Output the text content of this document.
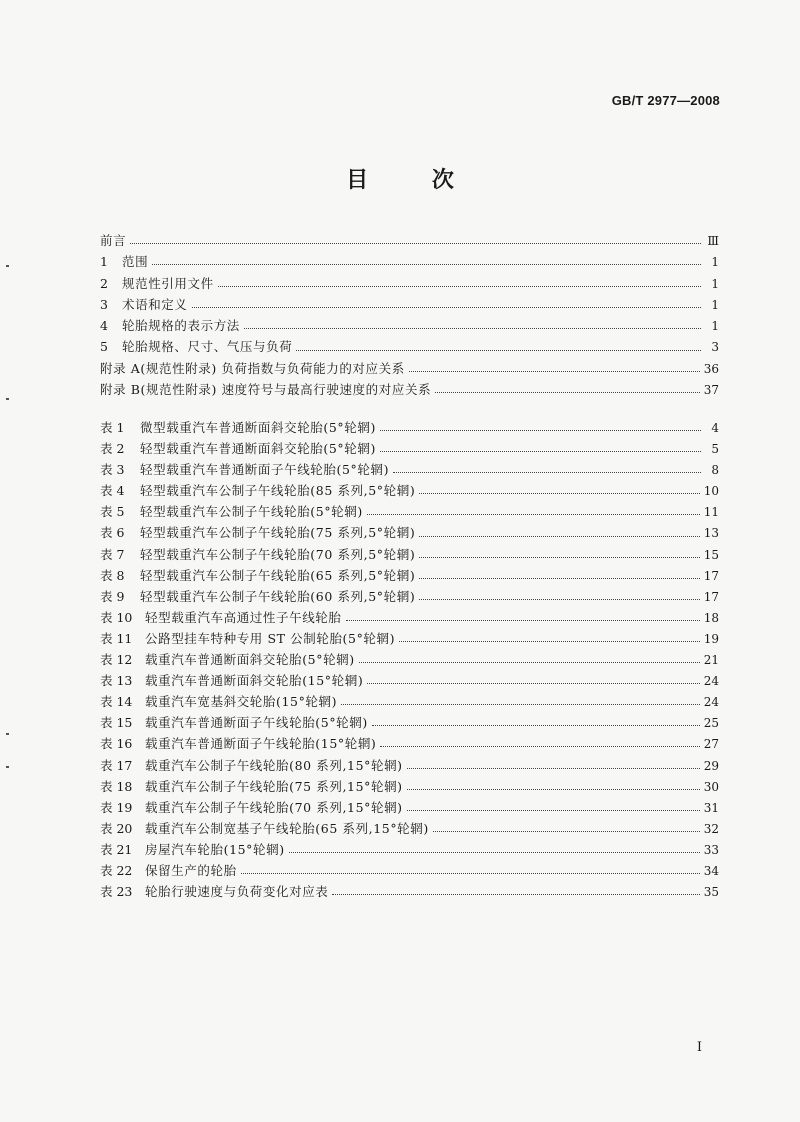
GB/T 2977—2008
目 次
前言	Ⅲ
1	范围	1
2	规范性引用文件	1
3	术语和定义	1
4	轮胎规格的表示方法	1
5	轮胎规格、尺寸、气压与负荷	3
附录 A(规范性附录) 负荷指数与负荷能力的对应关系	36
附录 B(规范性附录) 速度符号与最高行驶速度的对应关系	37
表 1	微型载重汽车普通断面斜交轮胎(5°轮辋)	4
表 2	轻型载重汽车普通断面斜交轮胎(5°轮辋)	5
表 3	轻型载重汽车普通断面子午线轮胎(5°轮辋)	8
表 4	轻型载重汽车公制子午线轮胎(85 系列,5°轮辋)	10
表 5	轻型载重汽车公制子午线轮胎(5°轮辋)	11
表 6	轻型载重汽车公制子午线轮胎(75 系列,5°轮辋)	13
表 7	轻型载重汽车公制子午线轮胎(70 系列,5°轮辋)	15
表 8	轻型载重汽车公制子午线轮胎(65 系列,5°轮辋)	17
表 9	轻型载重汽车公制子午线轮胎(60 系列,5°轮辋)	17
表 10	轻型载重汽车高通过性子午线轮胎	18
表 11	公路型挂车特种专用 ST 公制轮胎(5°轮辋)	19
表 12	载重汽车普通断面斜交轮胎(5°轮辋)	21
表 13	载重汽车普通断面斜交轮胎(15°轮辋)	24
表 14	载重汽车宽基斜交轮胎(15°轮辋)	24
表 15	载重汽车普通断面子午线轮胎(5°轮辋)	25
表 16	载重汽车普通断面子午线轮胎(15°轮辋)	27
表 17	载重汽车公制子午线轮胎(80 系列,15°轮辋)	29
表 18	载重汽车公制子午线轮胎(75 系列,15°轮辋)	30
表 19	载重汽车公制子午线轮胎(70 系列,15°轮辋)	31
表 20	载重汽车公制宽基子午线轮胎(65 系列,15°轮辋)	32
表 21	房屋汽车轮胎(15°轮辋)	33
表 22	保留生产的轮胎	34
表 23	轮胎行驶速度与负荷变化对应表	35
I
